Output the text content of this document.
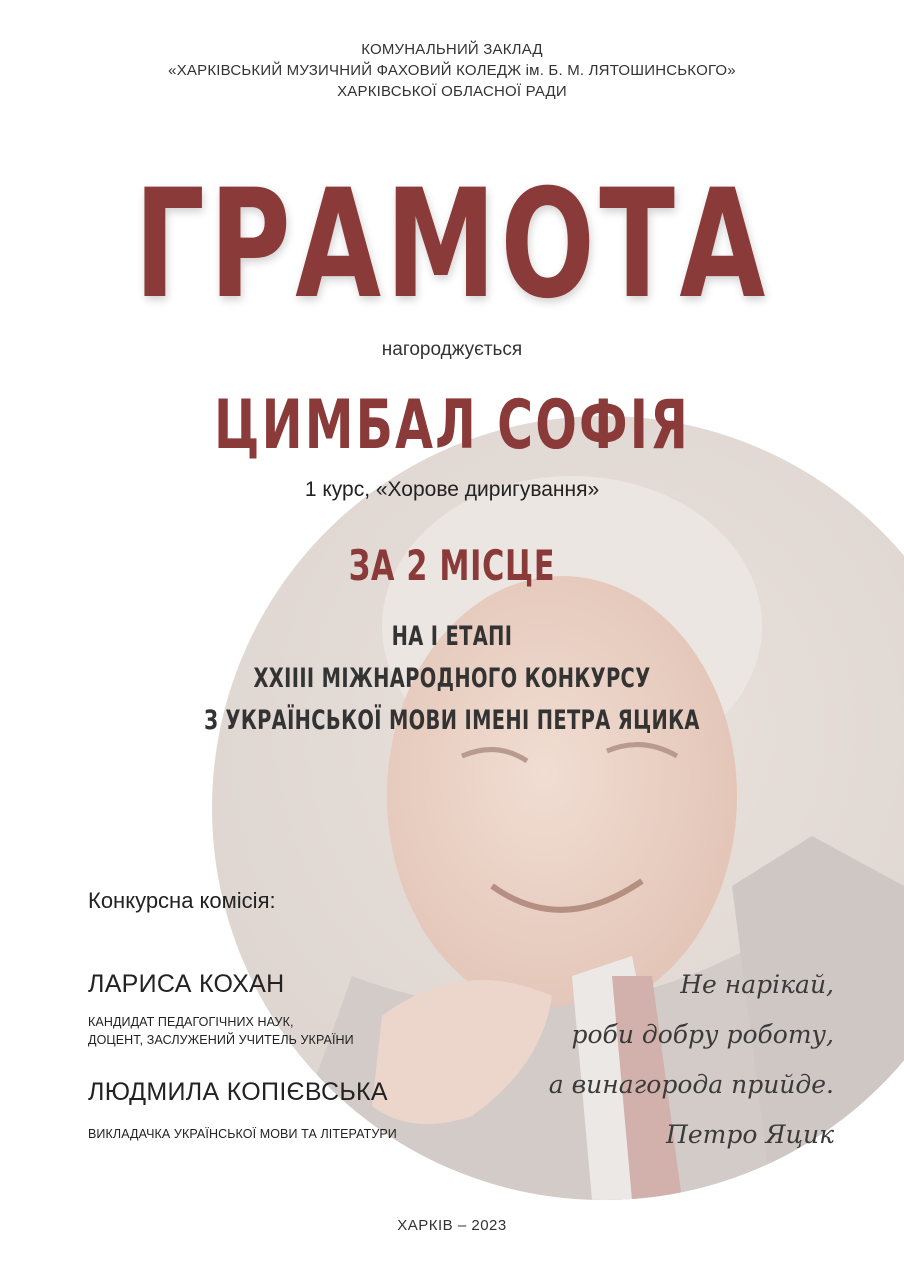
КОМУНАЛЬНИЙ ЗАКЛАД
«ХАРКІВСЬКИЙ МУЗИЧНИЙ ФАХОВИЙ КОЛЕДЖ ім. Б. М. ЛЯТОШИНСЬКОГО»
ХАРКІВСЬКОЇ ОБЛАСНОЇ РАДИ
ГРАМОТА
нагороджується
ЦИМБАЛ СОФІЯ
1 курс, «Хорове диригування»
ЗА 2 МІСЦЕ
НА І ЕТАПІ
XXIIII МІЖНАРОДНОГО КОНКУРСУ
З УКРАЇНСЬКОЇ МОВИ ІМЕНІ ПЕТРА ЯЦИКА
Конкурсна комісія:
ЛАРИСА КОХАН
КАНДИДАТ ПЕДАГОГІЧНИХ НАУК,
ДОЦЕНТ, ЗАСЛУЖЕНИЙ УЧИТЕЛЬ УКРАЇНИ
ЛЮДМИЛА КОПІЄВСЬКА
ВИКЛАДАЧКА УКРАЇНСЬКОЇ МОВИ ТА ЛІТЕРАТУРИ
Не нарікай,
роби добру роботу,
а винагорода прийде.
Петро Яцик
ХАРКІВ – 2023
